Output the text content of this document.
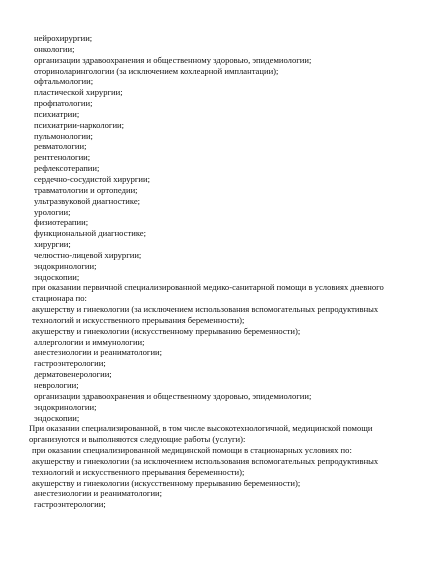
нейрохирургии;

онкологии;

организации здравоохранения и общественному здоровью, эпидемиологии;

оториноларингологии (за исключением кохлеарной имплантации);

офтальмологии;

пластической хирургии;

профпатологии;

психиатрии;

психиатрии-наркологии;

пульмонологии;

ревматологии;

рентгенологии;

рефлексотерапии;

сердечно-сосудистой хирургии;

травматологии и ортопедии;

ультразвуковой диагностике;

урологии;

физиотерапии;

функциональной диагностике;

хирургии;

челюстно-лицевой хирургии;

эндокринологии;

эндоскопии;

при оказании первичной специализированной медико-санитарной помощи в условиях дневного стационара по:

акушерству и гинекологии (за исключением использования вспомогательных репродуктивных технологий и искусственного прерывания беременности);

акушерству и гинекологии (искусственному прерыванию беременности);

аллергологии и иммунологии;

анестезиологии и реаниматологии;

гастроэнтерологии;

дерматовенерологии;

неврологии;

организации здравоохранения и общественному здоровью, эпидемиологии;

эндокринологии;

эндоскопии;

При оказании специализированной, в том числе высокотехнологичной, медицинской помощи организуются и выполняются следующие работы (услуги):

при оказании специализированной медицинской помощи в стационарных условиях по:

акушерству и гинекологии (за исключением использования вспомогательных репродуктивных технологий и искусственного прерывания беременности);

акушерству и гинекологии (искусственному прерыванию беременности);

анестезиологии и реаниматологии;

гастроэнтерологии;
